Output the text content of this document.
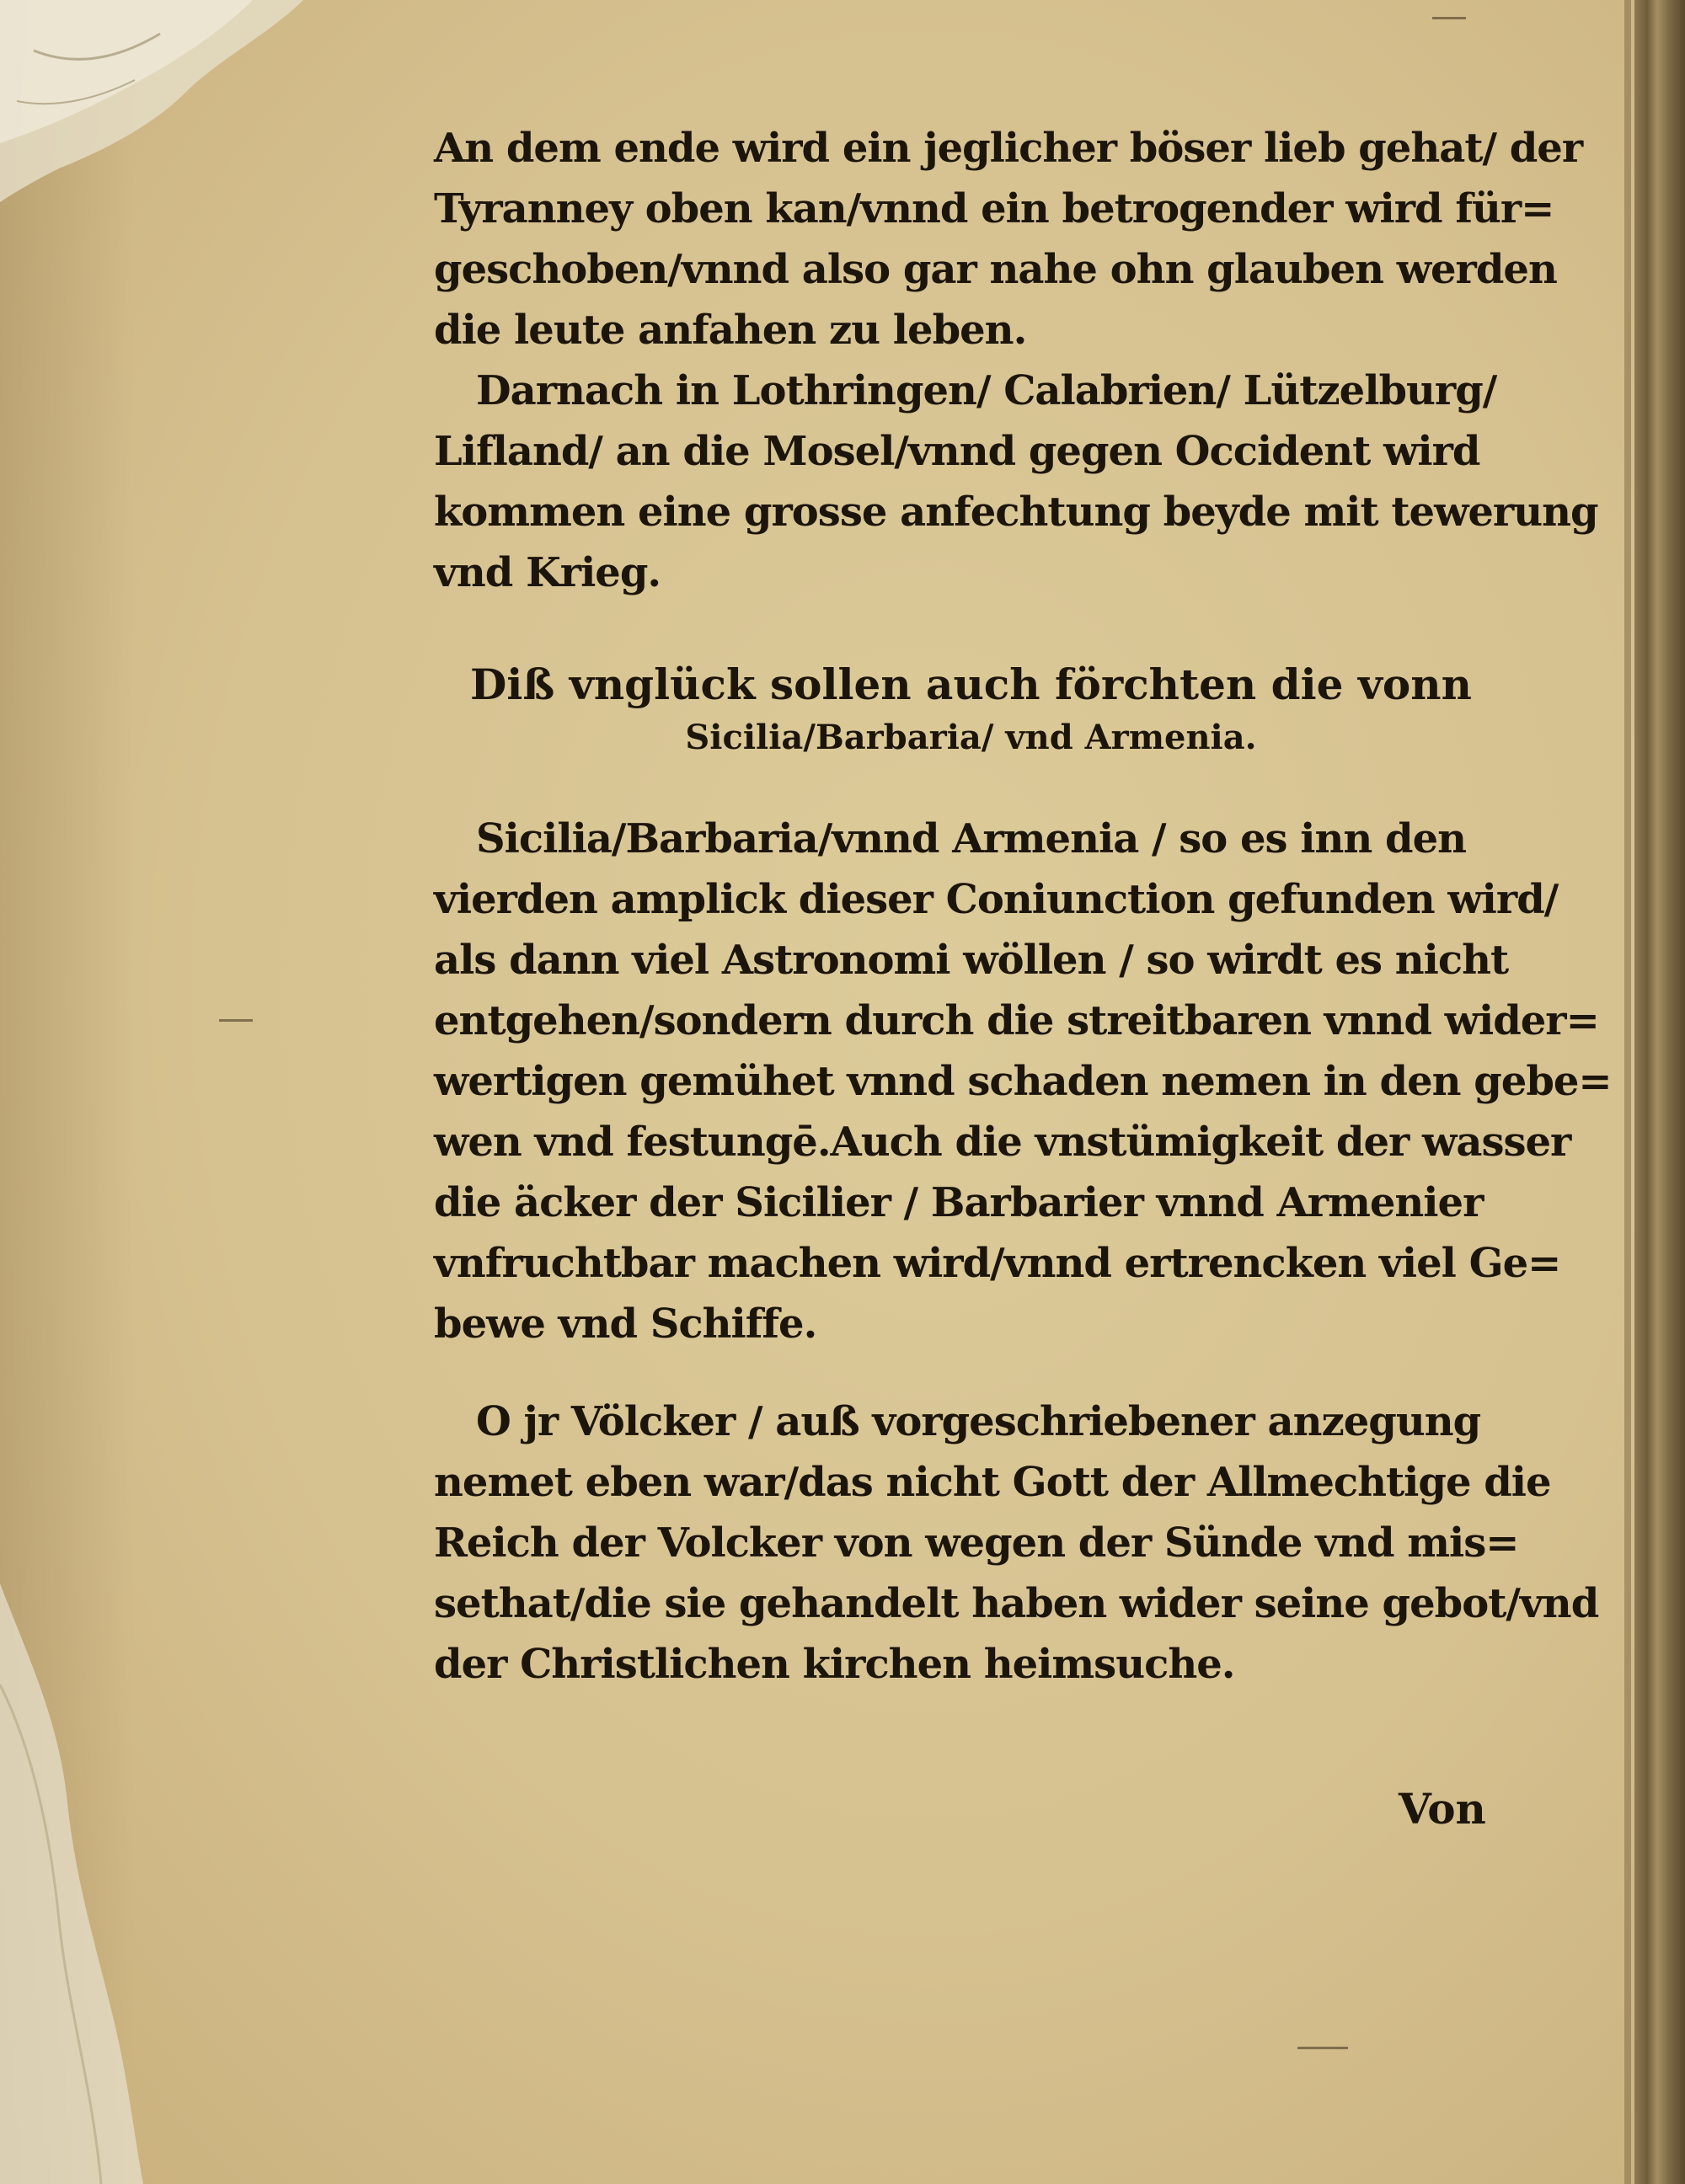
An dem ende wird ein jeglicher böser lieb gehat/ der

Tyranney oben kan/vnnd ein betrogender wird für=

geschoben/vnnd also gar nahe ohn glauben werden

die leute anfahen zu leben.

Darnach in Lothringen/ Calabrien/ Lützelburg/

Lifland/ an die Mosel/vnnd gegen Occident wird

kommen eine grosse anfechtung beyde mit tewerung

vnd Krieg.

Diß vnglück sollen auch förchten die vonn
Sicilia/Barbaria/ vnd Armenia.

Sicilia/Barbaria/vnnd Armenia / so es inn den

vierden amplick dieser Coniunction gefunden wird/

als dann viel Astronomi wöllen / so wirdt es nicht

entgehen/sondern durch die streitbaren vnnd wider=

wertigen gemühet vnnd schaden nemen in den gebe=

wen vnd festungē.Auch die vnstümigkeit der wasser

die äcker der Sicilier / Barbarier vnnd Armenier

vnfruchtbar machen wird/vnnd ertrencken viel Ge=

bewe vnd Schiffe.

O jr Völcker / auß vorgeschriebener anzegung

nemet eben war/das nicht Gott der Allmechtige die

Reich der Volcker von wegen der Sünde vnd mis=

sethat/die sie gehandelt haben wider seine gebot/vnd

der Christlichen kirchen heimsuche.

Von
